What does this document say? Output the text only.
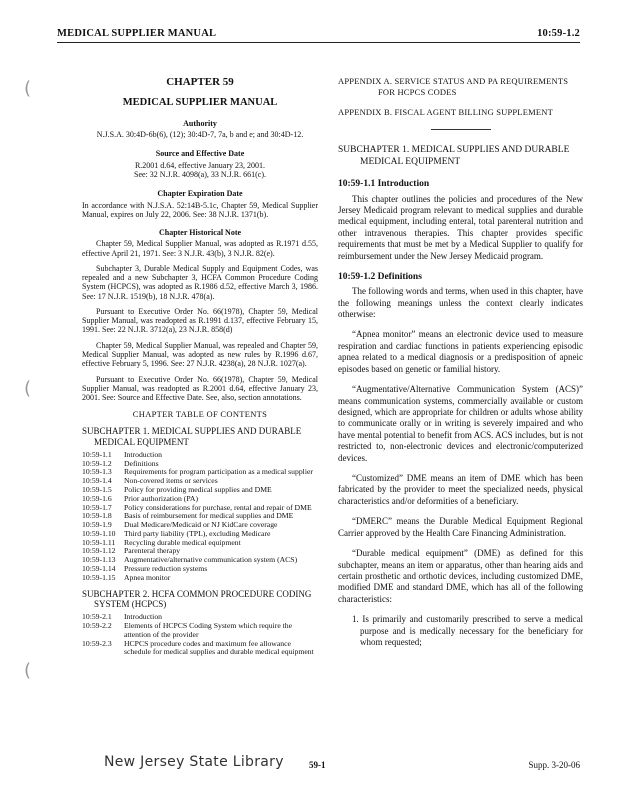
MEDICAL SUPPLIER MANUAL	10:59-1.2
(
(
(

CHAPTER 59

MEDICAL SUPPLIER MANUAL

Authority

N.J.S.A. 30:4D-6b(6), (12); 30:4D-7, 7a, b and e; and 30:4D-12.

Source and Effective Date

R.2001 d.64, effective January 23, 2001.

See: 32 N.J.R. 4098(a), 33 N.J.R. 661(c).

Chapter Expiration Date

In accordance with N.J.S.A. 52:14B-5.1c, Chapter 59, Medical Supplier Manual, expires on July 22, 2006. See: 38 N.J.R. 1371(b).

Chapter Historical Note

Chapter 59, Medical Supplier Manual, was adopted as R.1971 d.55, effective April 21, 1971. See: 3 N.J.R. 43(b), 3 N.J.R. 82(e).

Subchapter 3, Durable Medical Supply and Equipment Codes, was repealed and a new Subchapter 3, HCFA Common Procedure Coding System (HCPCS), was adopted as R.1986 d.52, effective March 3, 1986. See: 17 N.J.R. 1519(b), 18 N.J.R. 478(a).

Pursuant to Executive Order No. 66(1978), Chapter 59, Medical Supplier Manual, was readopted as R.1991 d.137, effective February 15, 1991. See: 22 N.J.R. 3712(a), 23 N.J.R. 858(d)

Chapter 59, Medical Supplier Manual, was repealed and Chapter 59, Medical Supplier Manual, was adopted as new rules by R.1996 d.67, effective February 5, 1996. See: 27 N.J.R. 4238(a), 28 N.J.R. 1027(a).

Pursuant to Executive Order No. 66(1978), Chapter 59, Medical Supplier Manual, was readopted as R.2001 d.64, effective January 23, 2001. See: Source and Effective Date. See, also, section annotations.

CHAPTER TABLE OF CONTENTS

SUBCHAPTER 1. MEDICAL SUPPLIES AND DURABLE MEDICAL EQUIPMENT

10:59-1.1	Introduction
10:59-1.2	Definitions
10:59-1.3	Requirements for program participation as a medical supplier
10:59-1.4	Non-covered items or services
10:59-1.5	Policy for providing medical supplies and DME
10:59-1.6	Prior authorization (PA)
10:59-1.7	Policy considerations for purchase, rental and repair of DME
10:59-1.8	Basis of reimbursement for medical supplies and DME
10:59-1.9	Dual Medicare/Medicaid or NJ KidCare coverage
10:59-1.10	Third party liability (TPL), excluding Medicare
10:59-1.11	Recycling durable medical equipment
10:59-1.12	Parenteral therapy
10:59-1.13	Augmentative/alternative communication system (ACS)
10:59-1.14	Pressure reduction systems
10:59-1.15	Apnea monitor

SUBCHAPTER 2. HCFA COMMON PROCEDURE CODING SYSTEM (HCPCS)

10:59-2.1	Introduction
10:59-2.2	Elements of HCPCS Coding System which require the attention of the provider
10:59-2.3	HCPCS procedure codes and maximum fee allowance schedule for medical supplies and durable medical equipment

APPENDIX A. SERVICE STATUS AND PA REQUIREMENTS FOR HCPCS CODES

APPENDIX B. FISCAL AGENT BILLING SUPPLEMENT

SUBCHAPTER 1. MEDICAL SUPPLIES AND DURABLE MEDICAL EQUIPMENT

10:59-1.1 Introduction

This chapter outlines the policies and procedures of the New Jersey Medicaid program relevant to medical supplies and durable medical equipment, including enteral, total parenteral nutrition and other intravenous therapies. This chapter provides specific requirements that must be met by a Medical Supplier to qualify for reimbursement under the New Jersey Medicaid program.

10:59-1.2 Definitions

The following words and terms, when used in this chapter, have the following meanings unless the context clearly indicates otherwise:

“Apnea monitor” means an electronic device used to measure respiration and cardiac functions in patients experiencing episodic apnea related to a medical diagnosis or a predisposition of apneic episodes based on genetic or familial history.

“Augmentative/Alternative Communication System (ACS)” means communication systems, commercially available or custom designed, which are appropriate for children or adults whose ability to communicate orally or in writing is severely impaired and who have mental potential to benefit from ACS. ACS includes, but is not restricted to, non-electronic devices and electronic/computerized devices.

“Customized” DME means an item of DME which has been fabricated by the provider to meet the specialized needs, physical characteristics and/or deformities of a beneficiary.

“DMERC” means the Durable Medical Equipment Regional Carrier approved by the Health Care Financing Administration.

“Durable medical equipment” (DME) as defined for this subchapter, means an item or apparatus, other than hearing aids and certain prosthetic and orthotic devices, including customized DME, modified DME and standard DME, which has all of the following characteristics:

1. Is primarily and customarily prescribed to serve a medical purpose and is medically necessary for the beneficiary for whom requested;

New Jersey State Library	59-1	Supp. 3-20-06
